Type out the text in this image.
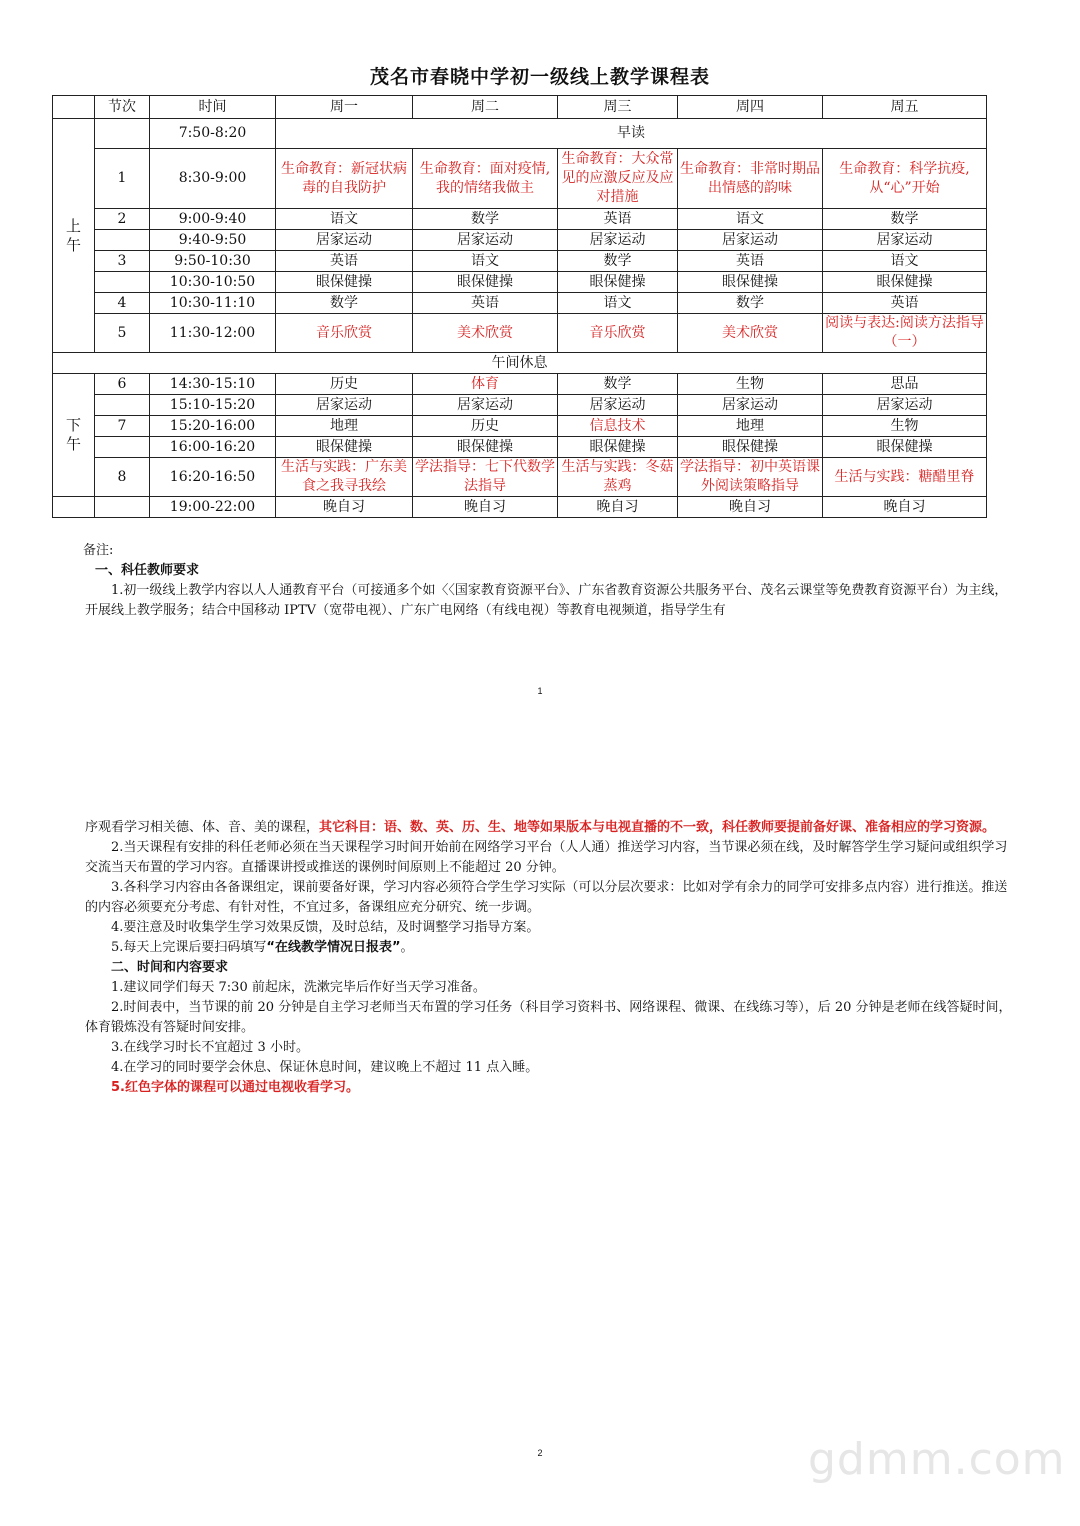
茂名市春晓中学初一级线上教学课程表
	节次	时间	周一	周二	周三	周四	周五
上
午		7:50-8:20	早读				
	1	8:30-9:00	生命教育：新冠状病毒的自我防护	生命教育：面对疫情,我的情绪我做主	生命教育：大众常见的应激反应及应对措施	生命教育：非常时期品出情感的韵味	生命教育：科学抗疫,从“心”开始
	2	9:00-9:40	语文	数学	英语	语文	数学
		9:40-9:50	居家运动	居家运动	居家运动	居家运动	居家运动
	3	9:50-10:30	英语	语文	数学	英语	语文
		10:30-10:50	眼保健操	眼保健操	眼保健操	眼保健操	眼保健操
	4	10:30-11:10	数学	英语	语文	数学	英语
	5	11:30-12:00	音乐欣赏	美术欣赏	音乐欣赏	美术欣赏	阅读与表达:阅读方法指导（一）
午间休息							
下
午	6	14:30-15:10	历史	体育	数学	生物	思品
		15:10-15:20	居家运动	居家运动	居家运动	居家运动	居家运动
	7	15:20-16:00	地理	历史	信息技术	地理	生物
		16:00-16:20	眼保健操	眼保健操	眼保健操	眼保健操	眼保健操
	8	16:20-16:50	生活与实践：广东美食之我寻我绘	学法指导：七下代数学法指导	生活与实践：冬菇蒸鸡	学法指导：初中英语课外阅读策略指导	生活与实践：糖醋里脊
		19:00-22:00	晚自习	晚自习	晚自习	晚自习	晚自习

备注:

一、科任教师要求

1.初一级线上教学内容以人人通教育平台（可接通多个如〈〈国家教育资源平台》、广东省教育资源公共服务平台、茂名云课堂等免费教育资源平台）为主线，开展线上教学服务；结合中国移动 IPTV（宽带电视）、广东广电网络（有线电视）等教育电视频道，指导学生有

1

序观看学习相关德、体、音、美的课程，其它科目：语、数、英、历、生、地等如果版本与电视直播的不一致，科任教师要提前备好课、准备相应的学习资源。

2.当天课程有安排的科任老师必须在当天课程学习时间开始前在网络学习平台（人人通）推送学习内容，当节课必须在线，及时解答学生学习疑问或组织学习交流当天布置的学习内容。直播课讲授或推送的课例时间原则上不能超过 20 分钟。

3.各科学习内容由各备课组定，课前要备好课，学习内容必须符合学生学习实际（可以分层次要求：比如对学有余力的同学可安排多点内容）进行推送。推送的内容必须要充分考虑、有针对性，不宜过多，备课组应充分研究、统一步调。

4.要注意及时收集学生学习效果反馈，及时总结，及时调整学习指导方案。

5.每天上完课后要扫码填写“在线教学情况日报表”。

二、时间和内容要求

1.建议同学们每天 7:30 前起床，洗漱完毕后作好当天学习准备。

2.时间表中，当节课的前 20 分钟是自主学习老师当天布置的学习任务（科目学习资料书、网络课程、微课、在线练习等），后 20 分钟是老师在线答疑时间，体育锻炼没有答疑时间安排。

3.在线学习时长不宜超过 3 小时。

4.在学习的同时要学会休息、保证休息时间，建议晚上不超过 11 点入睡。

5.红色字体的课程可以通过电视收看学习。

2	gdmm.com
